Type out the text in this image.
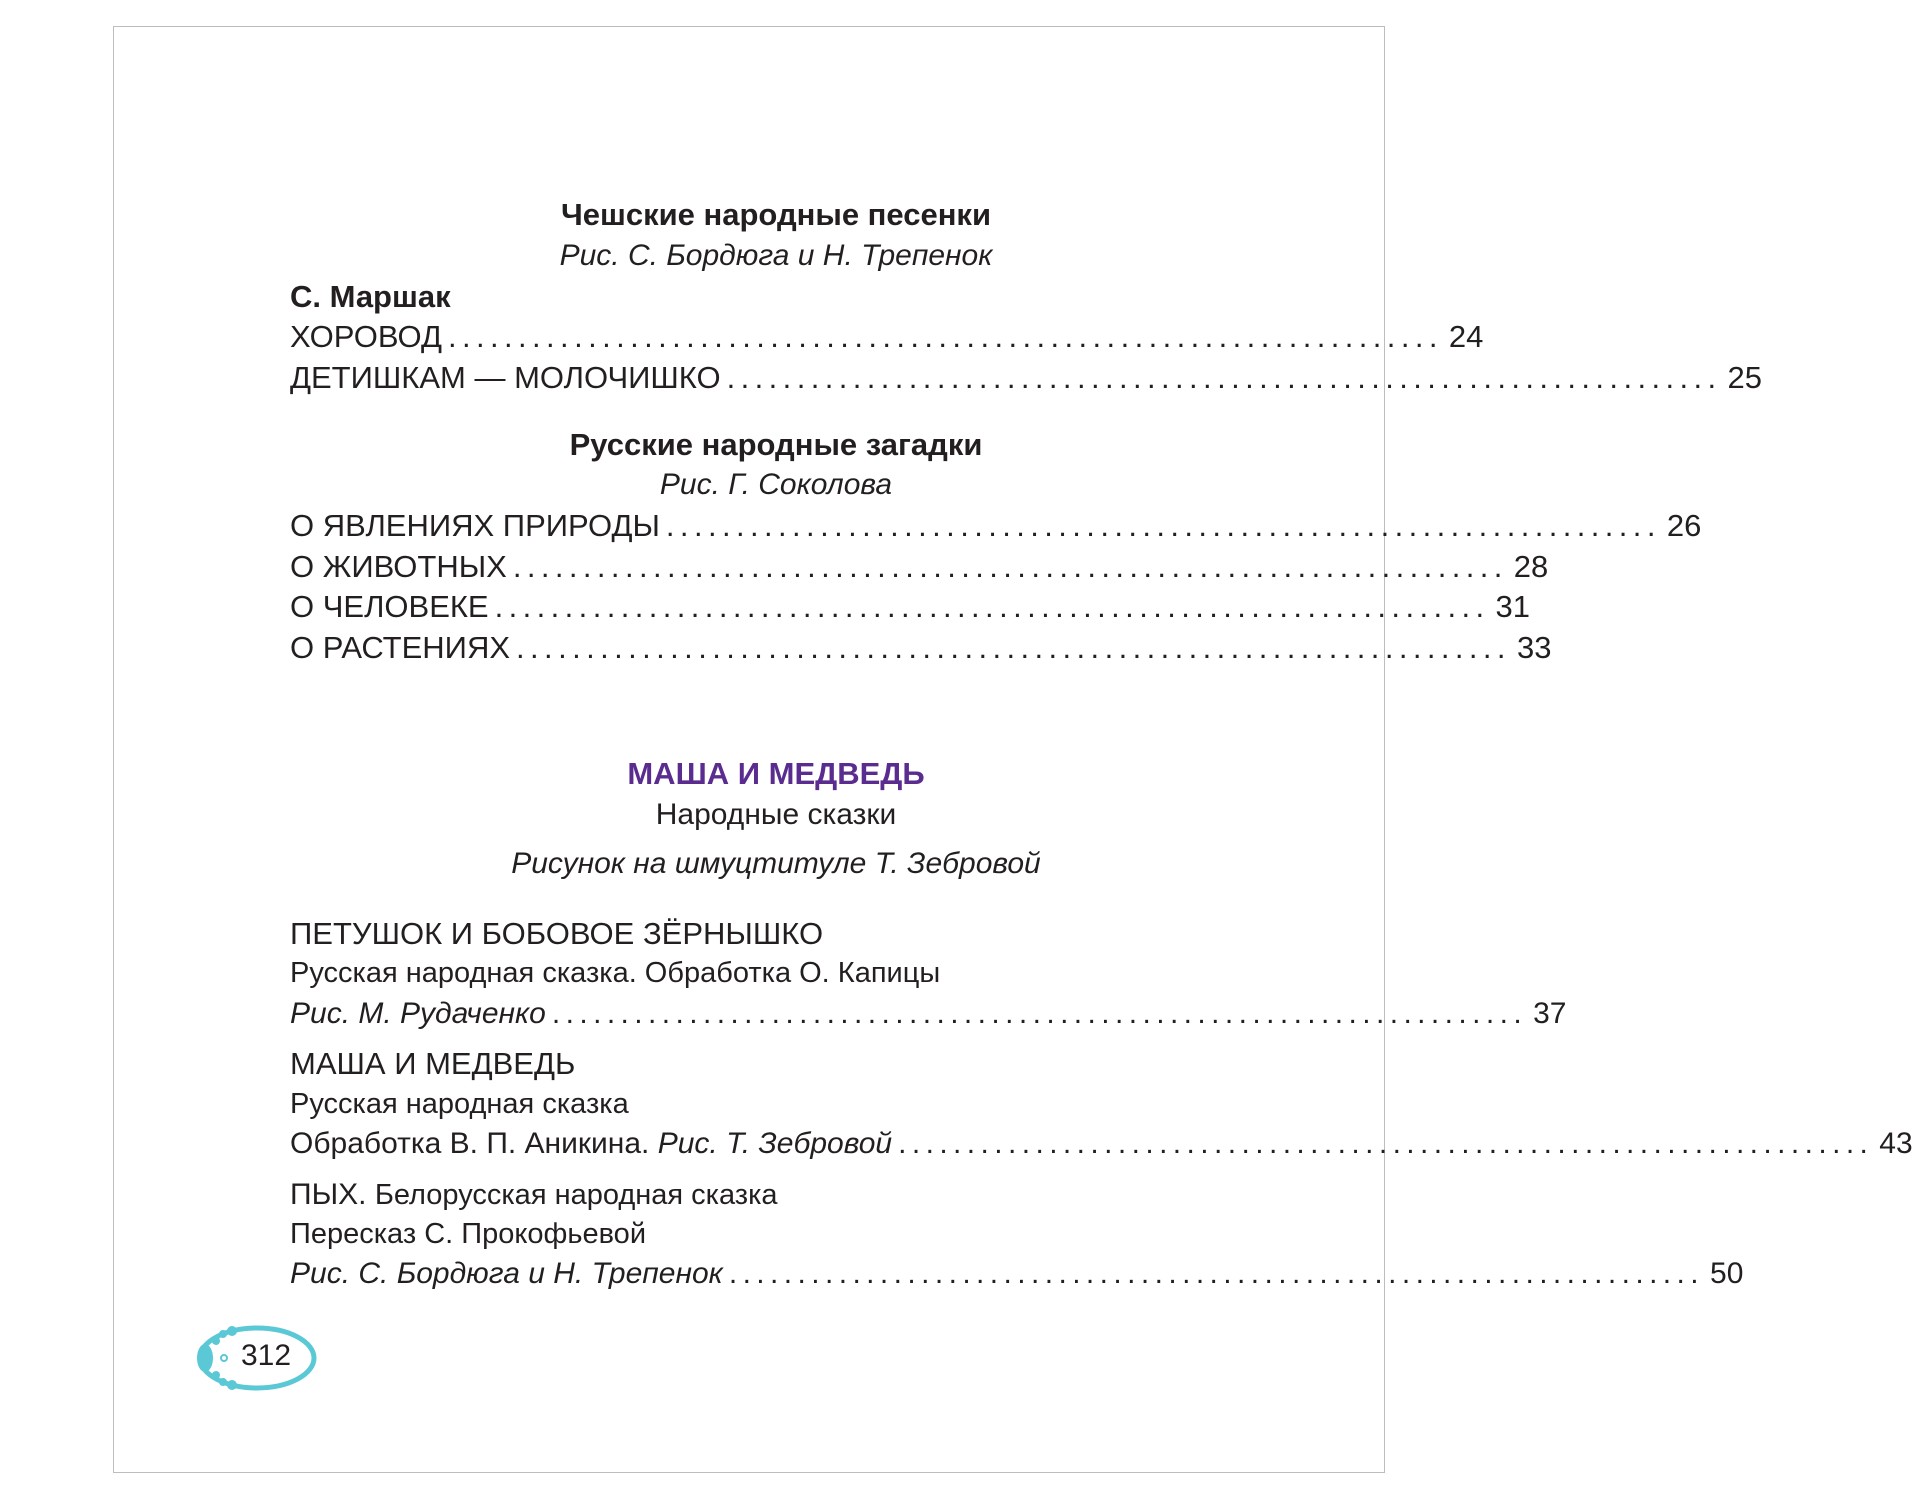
Чешские народные песенки
Рис. С. Бордюга и Н. Трепенок
С. Маршак
ХОРОВОД ....................................................................... 24
ДЕТИШКАМ — МОЛОЧИШКО ....................................................................... 25
Русские народные загадки
Рис. Г. Соколова
О ЯВЛЕНИЯХ ПРИРОДЫ ....................................................................... 26
О ЖИВОТНЫХ ....................................................................... 28
О ЧЕЛОВЕКЕ ....................................................................... 31
О РАСТЕНИЯХ ....................................................................... 33
МАША И МЕДВЕДЬ
Народные сказки
Рисунок на шмуцтитуле Т. Зебровой
ПЕТУШОК И БОБОВОЕ ЗЁРНЫШКО
Русская народная сказка. Обработка О. Капицы
Рис. М. Рудаченко ....................................................................... 37
МАША И МЕДВЕДЬ
Русская народная сказка
Обработка В. П. Аникина. Рис. Т. Зебровой ....................................................................... 43
ПЫХ. Белорусская народная сказка
Пересказ С. Прокофьевой
Рис. С. Бордюга и Н. Трепенок ....................................................................... 50
312
